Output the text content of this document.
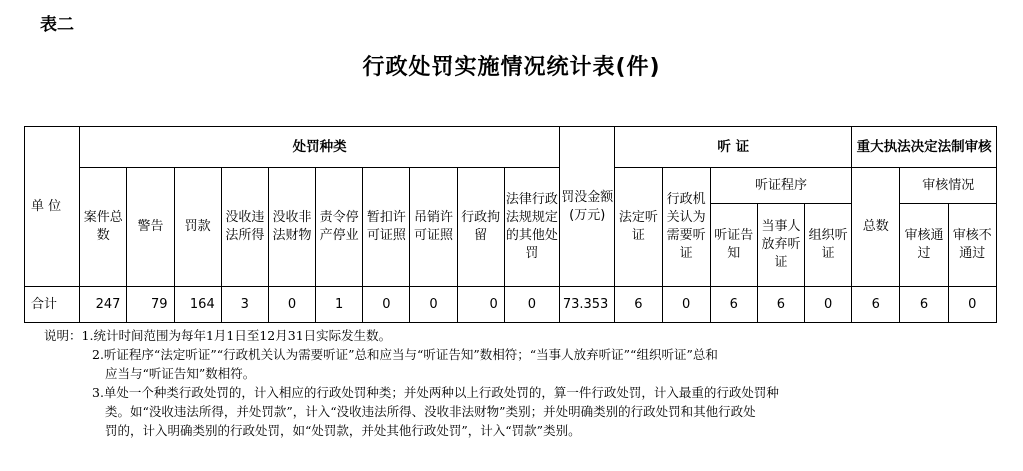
表二
行政处罚实施情况统计表(件)
单 位	处罚种类										罚没金额(万元)	听 证					重大执法决定法制审核		
	案件总数	警告	罚款	没收违法所得	没收非法财物	责令停产停业	暂扣许可证照	吊销许可证照	行政拘留	法律行政法规规定的其他处罚		法定听证	行政机关认为需要听证	听证程序			总数	审核情况	
														听证告知	当事人放弃听证	组织听证		审核通过	审核不通过
合计	247	79	164	3	0	1	0	0	0	0	73.353	6	0	6	6	0	6	6	0
说明：1.统计时间范围为每年1月1日至12月31日实际发生数。
2.听证程序“法定听证”“行政机关认为需要听证”总和应当与“听证告知”数相符；“当事人放弃听证”“组织听证”总和
应当与“听证告知”数相符。
3.单处一个种类行政处罚的，计入相应的行政处罚种类；并处两种以上行政处罚的，算一件行政处罚，计入最重的行政处罚种
类。如“没收违法所得，并处罚款”，计入“没收违法所得、没收非法财物”类别；并处明确类别的行政处罚和其他行政处
罚的，计入明确类别的行政处罚，如“处罚款，并处其他行政处罚”，计入“罚款”类别。
